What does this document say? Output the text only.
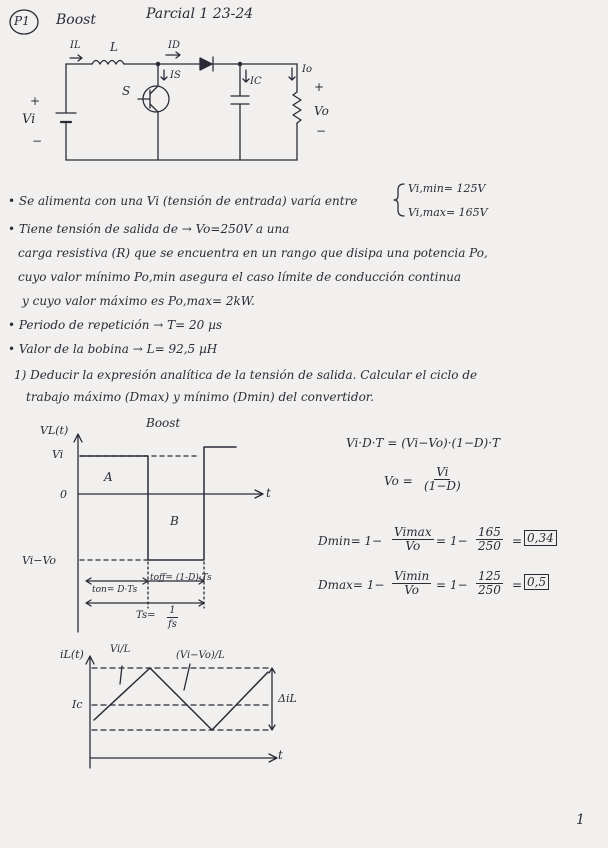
P1 Boost	Parcial 1 23-24
IL L	ID
IS
IC
Io
S
+
Vi
−
+
Vo
−
• Se alimenta con una Vi (tensión de entrada) varía entre
Vi,min= 125V
Vi,max= 165V
• Tiene tensión de salida de → Vo=250V a una
carga resistiva (R) que se encuentra en un rango que disipa una potencia Po,
cuyo valor mínimo Po,min asegura el caso límite de conducción continua
y cuyo valor máximo es Po,max= 2kW.
• Periodo de repetición → T= 20 µs
• Valor de la bobina → L= 92,5 µH
1) Deducir la expresión analítica de la tensión de salida. Calcular el ciclo de
trabajo máximo (Dmax) y mínimo (Dmin) del convertidor.
VL(t)
Boost
Vi
0
Vi−Vo
t
A
B
ton= D·Ts
toff= (1-D)·Ts
$Ts= \frac{1}{fs}$
Vi·D·T = (Vi−Vo)·(1−D)·T
$Vo = \frac{Vi}{(1-D)}$
Dmin= 1−
Vimax
$Vo = 1- \frac{165}{250} = 0,34$
Dmax= 1−
Vimin
$Vo = 1- \frac{125}{250} = 0,5$
iL(t)	Vi/L
(Vi−Vo)/L
Ic	ΔiL
t
1
